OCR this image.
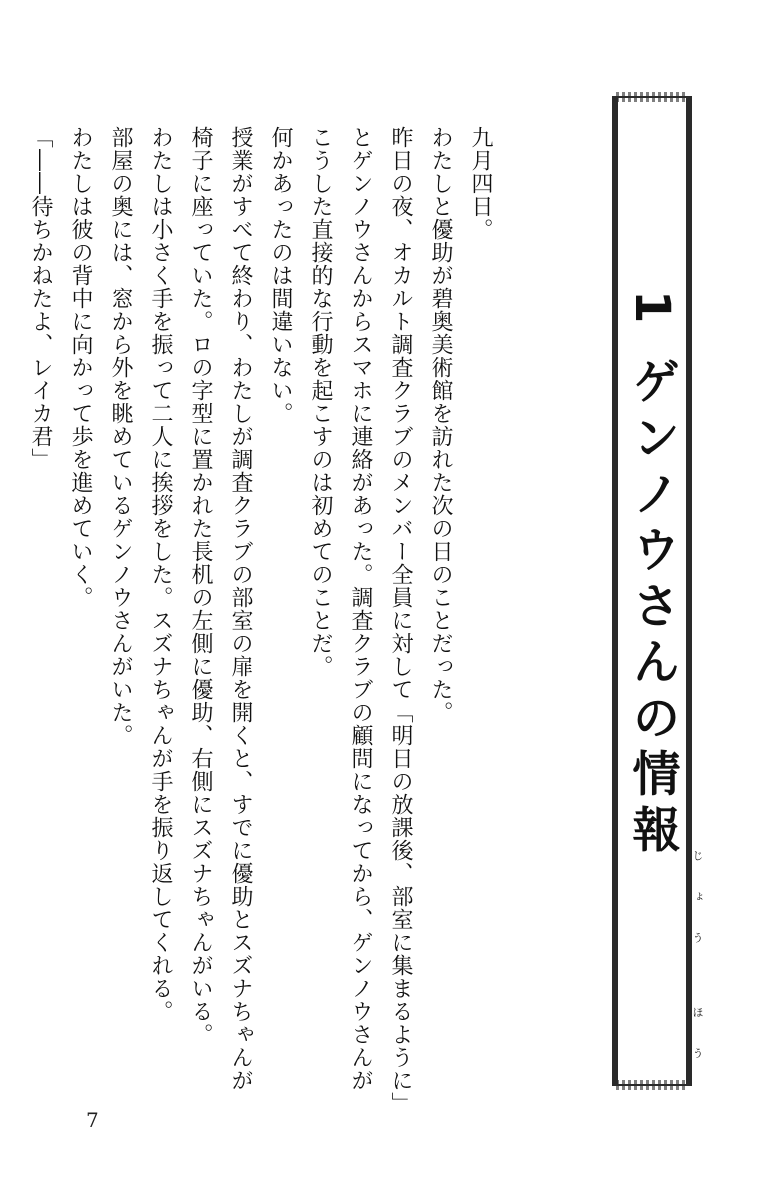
1 ゲンノウさんの情報
じょう ほう

九月四日。

わたしと優助が碧奥美術館を訪れた次の日のことだった。

昨日の夜、オカルト調査クラブのメンバー全員に対して「明日の放課後、部室に集まるように」とゲンノウさんからスマホに連絡があった。調査クラブの顧問になってから、ゲンノウさんがこうした直接的な行動を起こすのは初めてのことだ。

何かあったのは間違いない。

授業がすべて終わり、わたしが調査クラブの部室の扉を開くと、すでに優助とスズナちゃんが椅子に座っていた。ロの字型に置かれた長机の左側に優助、右側にスズナちゃんがいる。

わたしは小さく手を振って二人に挨拶をした。スズナちゃんが手を振り返してくれる。

部屋の奥には、窓から外を眺めているゲンノウさんがいた。

わたしは彼の背中に向かって歩を進めていく。

「――待ちかねたよ、レイカ君」

7
